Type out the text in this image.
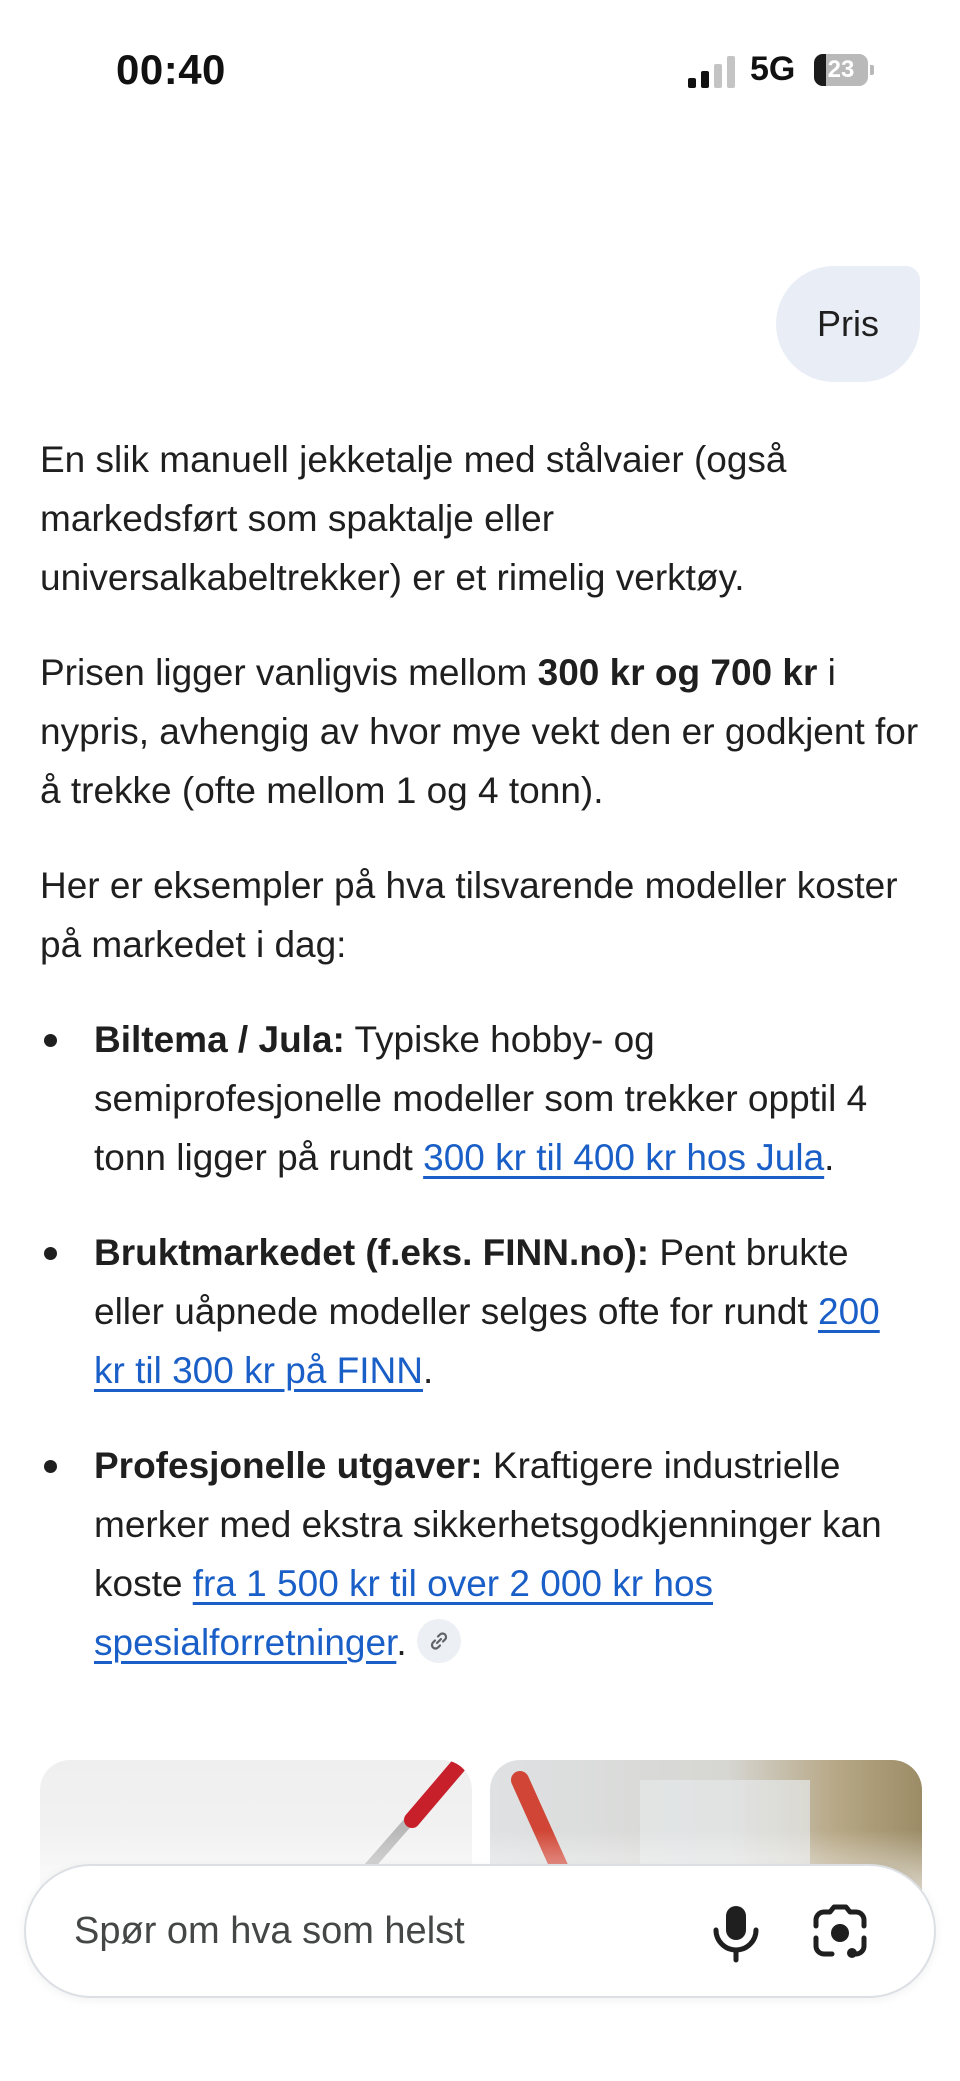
00:40	5G	23
Pris

En slik manuell jekketalje med stålvaier (også markedsført som spaktalje eller universalkabeltrekker) er et rimelig verktøy.

Prisen ligger vanligvis mellom 300 kr og 700 kr i nypris, avhengig av hvor mye vekt den er godkjent for å trekke (ofte mellom 1 og 4 tonn).

Her er eksempler på hva tilsvarende modeller koster på markedet i dag:

Biltema / Jula: Typiske hobby- og semiprofesjonelle modeller som trekker opptil 4 tonn ligger på rundt 300 kr til 400 kr hos Jula.
Bruktmarkedet (f.eks. FINN.no): Pent brukte eller uåpnede modeller selges ofte for rundt 200 kr til 300 kr på FINN.
Profesjonelle utgaver: Kraftigere industrielle merker med ekstra sikkerhetsgodkjenninger kan koste fra 1 500 kr til over 2 000 kr hos spesialforretninger.
Spør om hva som helst
